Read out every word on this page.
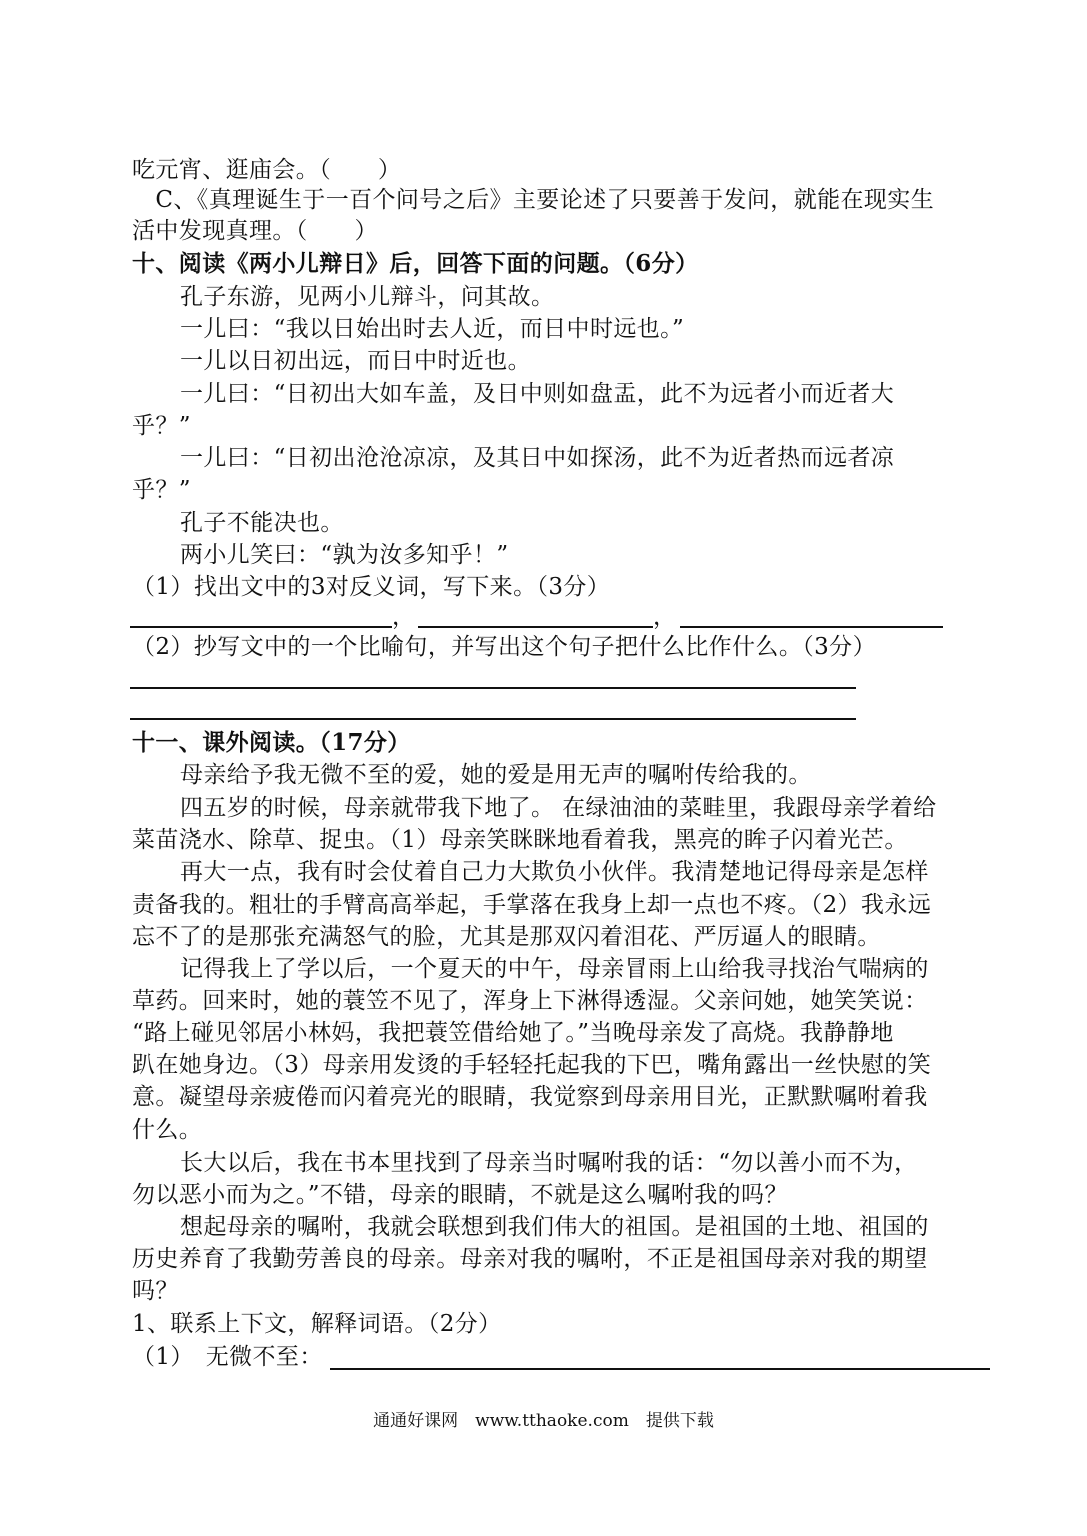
吃元宵、逛庙会。（　　）

　C、《真理诞生于一百个问号之后》主要论述了只要善于发问，就能在现实生

活中发现真理。（　　）

十、阅读《两小儿辩日》后，回答下面的问题。（6分）

孔子东游，见两小儿辩斗，问其故。

一儿曰：“我以日始出时去人近，而日中时远也。”

一儿以日初出远，而日中时近也。

一儿曰：“日初出大如车盖，及日中则如盘盂，此不为远者小而近者大

乎？”

一儿曰：“日初出沧沧凉凉，及其日中如探汤，此不为近者热而远者凉

乎？”

孔子不能决也。

两小儿笑曰：“孰为汝多知乎！”

（1）找出文中的3对反义词，写下来。（3分）

，	，

（2）抄写文中的一个比喻句，并写出这个句子把什么比作什么。（3分）

十一、课外阅读。（17分）

母亲给予我无微不至的爱，她的爱是用无声的嘱咐传给我的。

四五岁的时候，母亲就带我下地了。 在绿油油的菜畦里，我跟母亲学着给

菜苗浇水、除草、捉虫。（1）母亲笑眯眯地看着我，黑亮的眸子闪着光芒。

再大一点，我有时会仗着自己力大欺负小伙伴。我清楚地记得母亲是怎样

责备我的。粗壮的手臂高高举起，手掌落在我身上却一点也不疼。（2）我永远

忘不了的是那张充满怒气的脸，尤其是那双闪着泪花、严厉逼人的眼睛。

记得我上了学以后，一个夏天的中午，母亲冒雨上山给我寻找治气喘病的

草药。回来时，她的蓑笠不见了，浑身上下淋得透湿。父亲问她，她笑笑说：

“路上碰见邻居小林妈，我把蓑笠借给她了。”当晚母亲发了高烧。我静静地

趴在她身边。（3）母亲用发烫的手轻轻托起我的下巴，嘴角露出一丝快慰的笑

意。凝望母亲疲倦而闪着亮光的眼睛，我觉察到母亲用目光，正默默嘱咐着我

什么。

长大以后，我在书本里找到了母亲当时嘱咐我的话：“勿以善小而不为，

勿以恶小而为之。”不错，母亲的眼睛，不就是这么嘱咐我的吗？

想起母亲的嘱咐，我就会联想到我们伟大的祖国。是祖国的土地、祖国的

历史养育了我勤劳善良的母亲。母亲对我的嘱咐，不正是祖国母亲对我的期望

吗？

1、联系上下文，解释词语。（2分）

（1）　无微不至：

通通好课网　www.tthaoke.com　提供下载
